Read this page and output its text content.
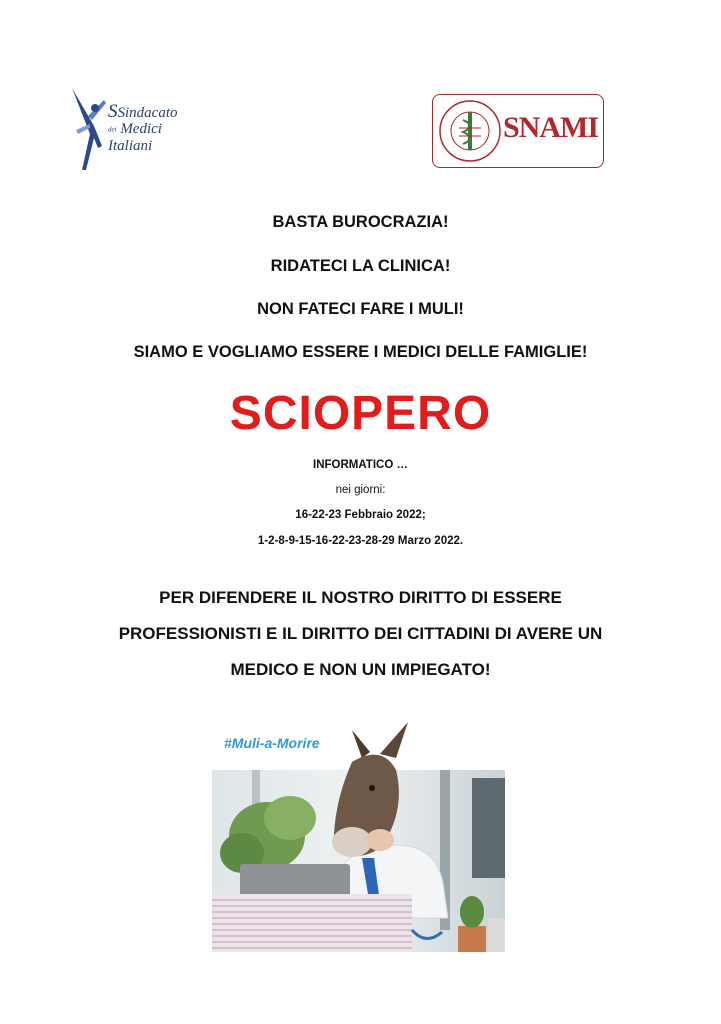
SSindacato
dei Medici
Italiani
SNAMI
BASTA BUROCRAZIA!
RIDATECI LA CLINICA!
NON FATECI FARE I MULI!
SIAMO E VOGLIAMO ESSERE I MEDICI DELLE FAMIGLIE!
SCIOPERO
INFORMATICO …
nei giorni:
16-22-23 Febbraio 2022;
1-2-8-9-15-16-22-23-28-29 Marzo 2022.
PER DIFENDERE IL NOSTRO DIRITTO DI ESSERE
PROFESSIONISTI E IL DIRITTO DEI CITTADINI DI AVERE UN
MEDICO E NON UN IMPIEGATO!
#Muli-a-Morire
